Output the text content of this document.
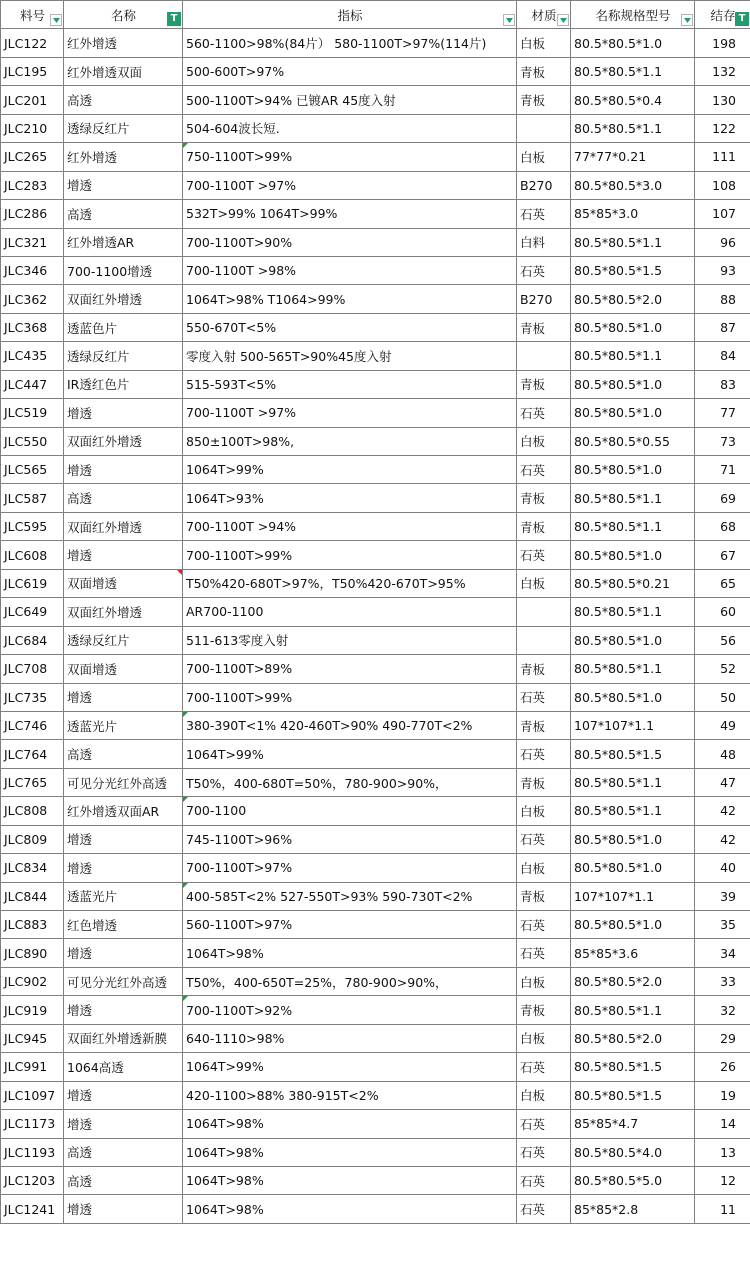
料号	名称 T	指标	材质	名称规格型号	结存 T

JLC122	红外增透	560-1100>98%(84片） 580-1100T>97%(114片)	白板	80.5*80.5*1.0	198
JLC195	红外增透双面	500-600T>97%	青板	80.5*80.5*1.1	132
JLC201	高透	500-1100T>94% 已镀AR 45度入射	青板	80.5*80.5*0.4	130
JLC210	透绿反红片	504-604波长短.		80.5*80.5*1.1	122
JLC265	红外增透	750-1100T>99%	白板	77*77*0.21	111
JLC283	增透	700-1100T >97%	B270	80.5*80.5*3.0	108
JLC286	高透	532T>99% 1064T>99%	石英	85*85*3.0	107
JLC321	红外增透AR	700-1100T>90%	白料	80.5*80.5*1.1	96
JLC346	700-1100增透	700-1100T >98%	石英	80.5*80.5*1.5	93
JLC362	双面红外增透	1064T>98% T1064>99%	B270	80.5*80.5*2.0	88
JLC368	透蓝色片	550-670T<5%	青板	80.5*80.5*1.0	87
JLC435	透绿反红片	零度入射 500-565T>90%45度入射		80.5*80.5*1.1	84
JLC447	IR透红色片	515-593T<5%	青板	80.5*80.5*1.0	83
JLC519	增透	700-1100T >97%	石英	80.5*80.5*1.0	77
JLC550	双面红外增透	850±100T>98%,	白板	80.5*80.5*0.55	73
JLC565	增透	1064T>99%	石英	80.5*80.5*1.0	71
JLC587	高透	1064T>93%	青板	80.5*80.5*1.1	69
JLC595	双面红外增透	700-1100T >94%	青板	80.5*80.5*1.1	68
JLC608	增透	700-1100T>99%	石英	80.5*80.5*1.0	67
JLC619	双面增透	T50%420-680T>97%，T50%420-670T>95%	白板	80.5*80.5*0.21	65
JLC649	双面红外增透	AR700-1100		80.5*80.5*1.1	60
JLC684	透绿反红片	511-613零度入射		80.5*80.5*1.0	56
JLC708	双面增透	700-1100T>89%	青板	80.5*80.5*1.1	52
JLC735	增透	700-1100T>99%	石英	80.5*80.5*1.0	50
JLC746	透蓝光片	380-390T<1% 420-460T>90% 490-770T<2%	青板	107*107*1.1	49
JLC764	高透	1064T>99%	石英	80.5*80.5*1.5	48
JLC765	可见分光红外高透	T50%，400-680T=50%，780-900>90%，	青板	80.5*80.5*1.1	47
JLC808	红外增透双面AR	700-1100	白板	80.5*80.5*1.1	42
JLC809	增透	745-1100T>96%	石英	80.5*80.5*1.0	42
JLC834	增透	700-1100T>97%	白板	80.5*80.5*1.0	40
JLC844	透蓝光片	400-585T<2% 527-550T>93% 590-730T<2%	青板	107*107*1.1	39
JLC883	红色增透	560-1100T>97%	石英	80.5*80.5*1.0	35
JLC890	增透	1064T>98%	石英	85*85*3.6	34
JLC902	可见分光红外高透	T50%，400-650T=25%，780-900>90%，	白板	80.5*80.5*2.0	33
JLC919	增透	700-1100T>92%	青板	80.5*80.5*1.1	32
JLC945	双面红外增透新膜	640-1110>98%	白板	80.5*80.5*2.0	29
JLC991	1064高透	1064T>99%	石英	80.5*80.5*1.5	26
JLC1097	增透	420-1100>88% 380-915T<2%	白板	80.5*80.5*1.5	19
JLC1173	增透	1064T>98%	石英	85*85*4.7	14
JLC1193	高透	1064T>98%	石英	80.5*80.5*4.0	13
JLC1203	高透	1064T>98%	石英	80.5*80.5*5.0	12
JLC1241	增透	1064T>98%	石英	85*85*2.8	11
